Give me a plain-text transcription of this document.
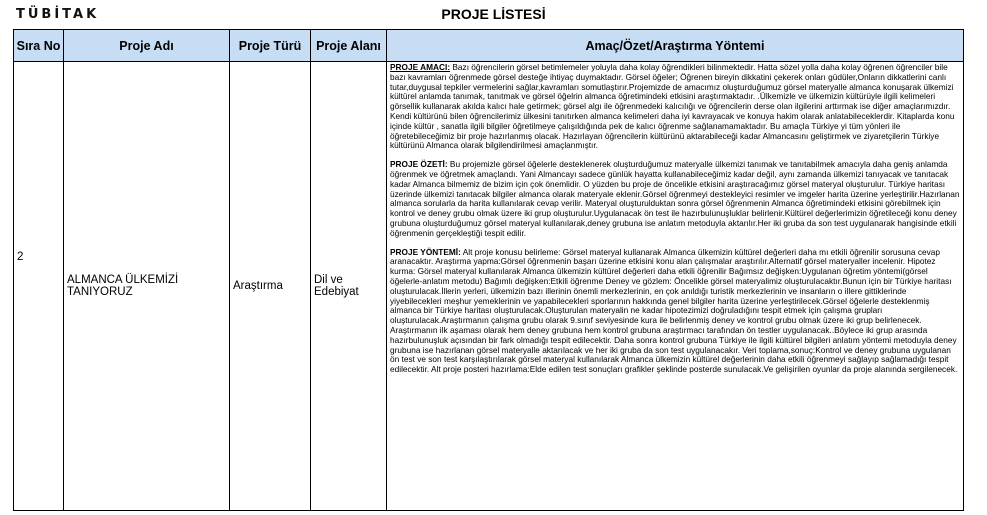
TÜBİTAK	PROJE LİSTESİ
Sıra No	Proje Adı	Proje Türü	Proje Alanı	Amaç/Özet/Araştırma Yöntemi
2	ALMANCA ÜLKEMİZİ TANIYORUZ	Araştırma	Dil ve Edebiyat	PROJE AMACI: Bazı öğrencilerin görsel betimlemeler yoluyla daha kolay öğrendikleri bilinmektedir. Hatta sözel yolla daha kolay öğrenen öğrenciler bile bazı kavramları öğrenmede görsel desteğe ihtiyaç duymaktadır. Görsel öğeler; Öğrenen bireyin dikkatini çekerek onları güdüler,Onların dikkatlerini canlı tutar,duygusal tepkiler vermelerini sağlar,kavramları somutlaştırır.Projemizde de amacımız oluşturduğumuz görsel materyalle almanca konuşarak ülkemizi kültürel anlamda tanımak, tanıtmak ve görsel öğelrin almanca öğretimindeki etkisini araştırmaktadır. .Ülkemizle ve ülkemizin kültürüyle ilgili kelimeleri görsellik kullanarak akılda kalıcı hale getirmek; görsel algı ile öğrenmedeki kalıcılığı ve öğrencilerin derse olan ilgilerini arttırmak ise diğer amaçlarımızdır. Kendi kültürünü bilen öğrencilerimiz ülkesini tanıtırken almanca kelimeleri daha iyi kavrayacak ve konuya hakim olarak anlatabileceklerdir. Kitaplarda konu içinde kültür , sanatla ilgili bilgiler öğretilmeye çalışıldığında pek de kalıcı öğrenme sağlanamamaktadır. Bu amaçla Türkiye yi tüm yönleri ile öğretebileceğimiz bir proje hazırlanmış olacak. Hazırlayan öğrencilerin kültürünü aktarabileceği kadar Almancasını geliştirmek ve ziyaretçilerin Türkiye kültürünü Almanca olarak bilgilendirilmesi amaçlanmıştır.
PROJE ÖZETİ: Bu projemizle görsel öğelerle desteklenerek oluşturduğumuz materyalle ülkemizi tanımak ve tanıtabilmek amacıyla daha geniş anlamda öğrenmek ve öğretmek amaçlandı. Yani Almancayı sadece günlük hayatta kullanabileceğimiz kadar değil, aynı zamanda ülkemizi tanıyacak ve tanıtacak kadar Almanca bilmemiz de bizim için çok önemlidir. O yüzden bu proje de öncelikle etkisini araştıracağımız görsel materyal oluşturulur. Türkiye haritası üzerinde ülkemizi tanıtacak bilgiler almanca olarak materyale eklenir.Görsel öğrenmeyi destekleyici resimler ve imgeler harita üzerine yerleştirilir.Hazırlanan almanca sorularla da harita kullanılarak cevap verilir. Materyal oluşturulduktan sonra görsel öğrenmenin Almanca öğretimindeki etkisini görebilmek için kontrol ve deney grubu olmak üzere iki grup oluşturulur.Uygulanacak ön test ile hazırbulunuşluklar belirlenir.Kültürel değerlerimizin öğretileceği konu deney grubuna oluşturduğumuz görsel materyal kullanılarak,deney grubuna ise anlatım metoduyla aktarılır.Her iki gruba da son test uygulanarak hangisinde etkili öğrenmenin gerçekleştiği tespit edilir.
PROJE YÖNTEMİ: Alt proje konusu belirleme: Görsel materyal kullanarak Almanca ülkemizin kültürel değerleri daha mı etkili öğrenilir sorusuna cevap aranacaktır. Araştırma yapma:Görsel öğrenmenin başarı üzerine etkisini konu alan çalışmalar araştırılır.Alternatif görsel materyaller incelenir. Hipotez kurma: Görsel materyal kullanılarak Almanca ülkemizin kültürel değerleri daha etkili öğrenilir Bağımsız değişken:Uygulanan öğretim yöntemi(görsel öğelerle-anlatım metodu) Bağımlı değişken:Etkili öğrenme Deney ve gözlem: Öncelikle görsel materyalimiz oluşturulacaktır.Bunun için bir Türkiye haritası oluşturulacak.İllerin yerleri, ülkemizin bazı illerinin önemli merkezlerinin, en çok anıldığı turistik merkezlerinin ve insanların o illere gittiklerinde yiyebilecekleri meşhur yemeklerinin ve yapabilecekleri sporlarının hakkında genel bilgiler harita üzerine yerleştirilecek.Görsel öğelerle desteklenmiş almanca bir Türkiye haritası oluşturulacak.Oluşturulan materyalin ne kadar hipotezimizi doğruladığını tespit etmek için çalışma grupları oluşturulacak.Araştırmanın çalışma grubu olarak 9.sınıf seviyesinde kura ile belirlenmiş deney ve kontrol grubu olmak üzere iki grup belirlenecek. Araştırmanın ilk aşaması olarak hem deney grubuna hem kontrol grubuna araştırmacı tarafından ön testler uygulanacak..Böylece iki grup arasında hazırbulunuşluk açısından bir fark olmadığı tespit edilecektir. Daha sonra kontrol grubuna Türkiye ile ilgili kültürel bilgileri anlatım yöntemi metoduyla deney grubuna ise hazırlanan görsel materyalle aktarılacak ve her iki gruba da son test uygulanacakır. Veri toplama,sonuç:Kontrol ve deney grubuna uygulanan ön test ve son test karşılaştırılarak görsel materyal kullanılarak Almanca ülkemizin kültürel değerlerinin daha etkili öğrenmeyi sağlayıp sağlamadığı tespit edilecektir. Alt proje posteri hazırlama:Elde edilen test sonuçları grafikler şeklinde posterde sunulacak.Ve gelişirilen oyunlar da proje alanında sergilenecek.
